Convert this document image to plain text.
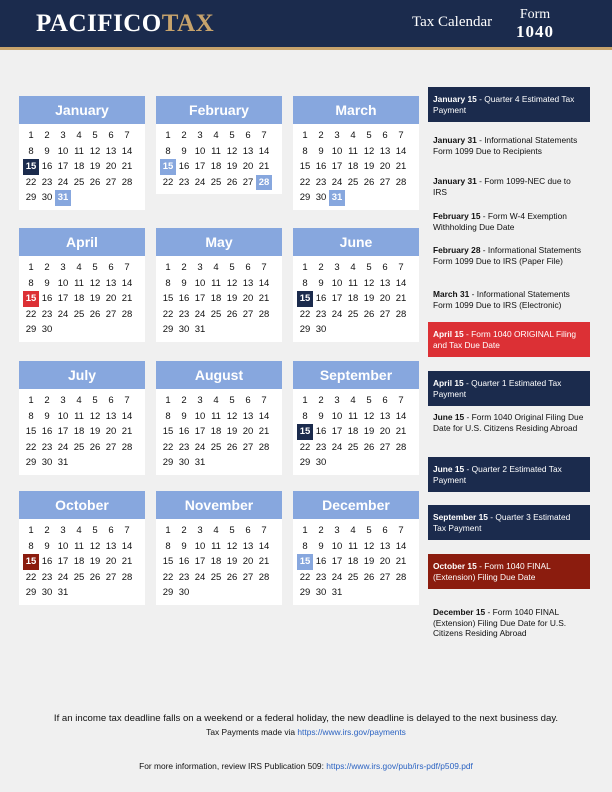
PACIFICOTAX	Tax Calendar Form
1040
January
1	2	3	4	5	6	7
8	9 10 11 12 13 14
15 16 17 18 19 20 21
22 23 24 25 26 27 28
29 30 31
February
1	2	3	4	5	6	7
8	9 10 11 12 13 14
15 16 17 18 19 20 21
22 23 24 25 26 27 28
March
1	2	3	4	5	6	7
8	9 10 11 12 13 14
15 16 17 18 19 20 21
22 23 24 25 26 27 28
29 30 31
April
1	2	3	4	5	6	7
8	9 10 11 12 13 14
15 16 17 18 19 20 21
22 23 24 25 26 27 28
29 30
May
1	2	3	4	5	6	7
8	9 10 11 12 13 14
15 16 17 18 19 20 21
22 23 24 25 26 27 28
29 30 31
June
1	2	3	4	5	6	7
8	9 10 11 12 13 14
15 16 17 18 19 20 21
22 23 24 25 26 27 28
29 30
July
1	2	3	4	5	6	7
8	9 10 11 12 13 14
15 16 17 18 19 20 21
22 23 24 25 26 27 28
29 30 31
August
1	2	3	4	5	6	7
8	9 10 11 12 13 14
15 16 17 18 19 20 21
22 23 24 25 26 27 28
29 30 31
September
1	2	3	4	5	6	7
8	9 10 11 12 13 14
15 16 17 18 19 20 21
22 23 24 25 26 27 28
29 30
October
1	2	3	4	5	6	7
8	9 10 11 12 13 14
15 16 17 18 19 20 21
22 23 24 25 26 27 28
29 30 31
November
1	2	3	4	5	6	7
8	9 10 11 12 13 14
15 16 17 18 19 20 21
22 23 24 25 26 27 28
29 30
December
1	2	3	4	5	6	7
8	9 10 11 12 13 14
15 16 17 18 19 20 21
22 23 24 25 26 27 28
29 30 31
January 15 - Quarter 4 Estimated Tax Payment
January 31 - Informational Statements Form 1099 Due to Recipients
January 31 - Form 1099-NEC due to IRS
February 15 - Form W-4 Exemption Withholding Due Date
February 28 - Informational Statements Form 1099 Due to IRS (Paper File)
March 31 - Informational Statements Form 1099 Due to IRS (Electronic)
April 15 - Form 1040 ORIGINAL Filing and Tax Due Date
April 15 - Quarter 1 Estimated Tax Payment
June 15 - Form 1040 Original Filing Due Date for U.S. Citizens Residing Abroad
June 15 - Quarter 2 Estimated Tax Payment
September 15 - Quarter 3 Estimated Tax Payment
October 15 - Form 1040 FINAL (Extension) Filing Due Date
December 15 - Form 1040 FINAL (Extension) Filing Due Date for U.S. Citizens Residing Abroad
If an income tax deadline falls on a weekend or a federal holiday, the new deadline is delayed to the next business day.
Tax Payments made via https://www.irs.gov/payments
For more information, review IRS Publication 509: https://www.irs.gov/pub/irs-pdf/p509.pdf
